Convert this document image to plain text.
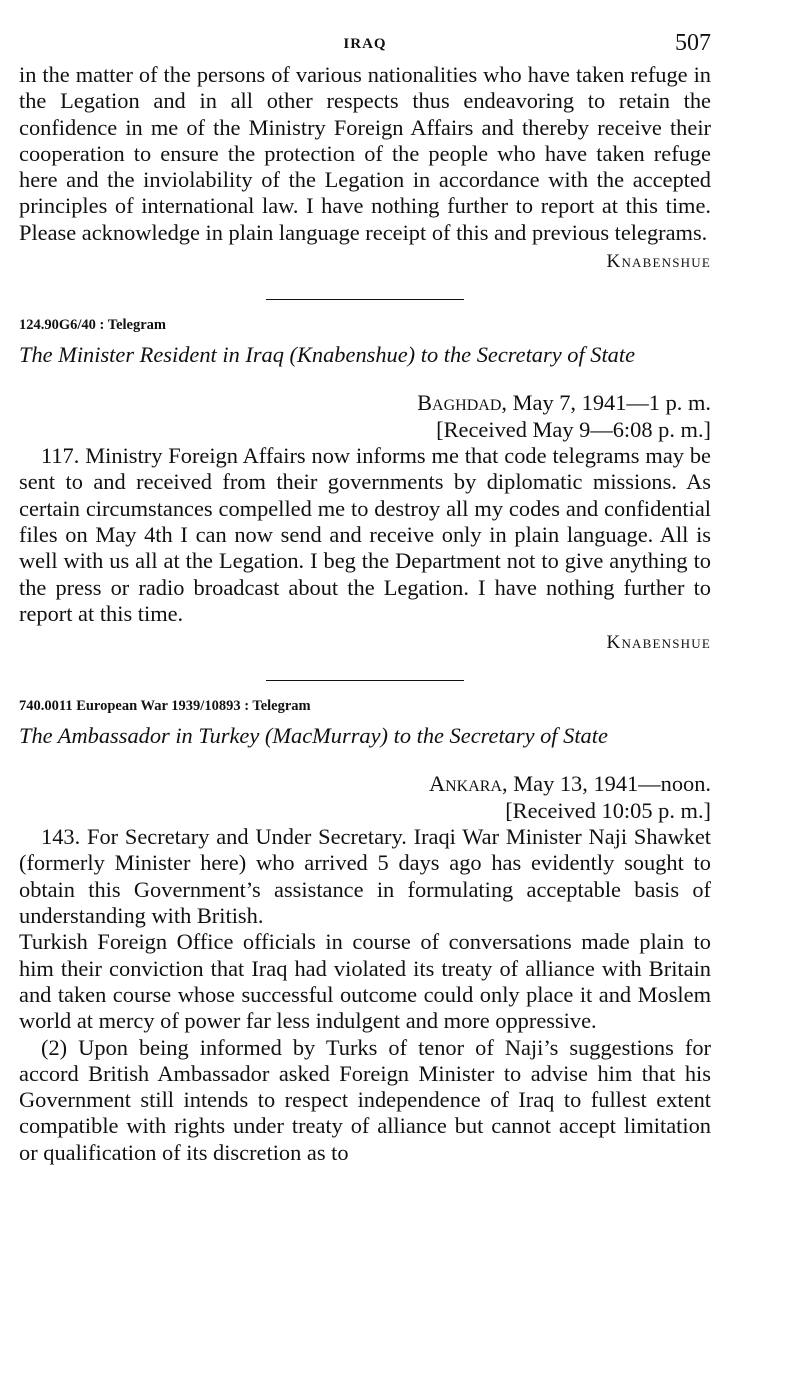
IRAQ	507

in the matter of the persons of various nationalities who have taken refuge in the Legation and in all other respects thus endeavoring to retain the confidence in me of the Ministry Foreign Affairs and thereby receive their cooperation to ensure the protection of the people who have taken refuge here and the inviolability of the Legation in accordance with the accepted principles of international law. I have nothing further to report at this time. Please acknowledge in plain language receipt of this and previous telegrams.

Knabenshue
124.90G6/40 : Telegram
The Minister Resident in Iraq (Knabenshue) to the Secretary of State
Baghdad, May 7, 1941—1 p. m.
[Received May 9—6:08 p. m.]

117. Ministry Foreign Affairs now informs me that code telegrams may be sent to and received from their governments by diplomatic missions. As certain circumstances compelled me to destroy all my codes and confidential files on May 4th I can now send and receive only in plain language. All is well with us all at the Legation. I beg the Department not to give anything to the press or radio broadcast about the Legation. I have nothing further to report at this time.

Knabenshue
740.0011 European War 1939/10893 : Telegram
The Ambassador in Turkey (MacMurray) to the Secretary of State
Ankara, May 13, 1941—noon.
[Received 10:05 p. m.]

143. For Secretary and Under Secretary. Iraqi War Minister Naji Shawket (formerly Minister here) who arrived 5 days ago has evidently sought to obtain this Government’s assistance in formulating acceptable basis of understanding with British.

Turkish Foreign Office officials in course of conversations made plain to him their conviction that Iraq had violated its treaty of alliance with Britain and taken course whose successful outcome could only place it and Moslem world at mercy of power far less indulgent and more oppressive.

(2) Upon being informed by Turks of tenor of Naji’s suggestions for accord British Ambassador asked Foreign Minister to advise him that his Government still intends to respect independence of Iraq to fullest extent compatible with rights under treaty of alliance but cannot accept limitation or qualification of its discretion as to
